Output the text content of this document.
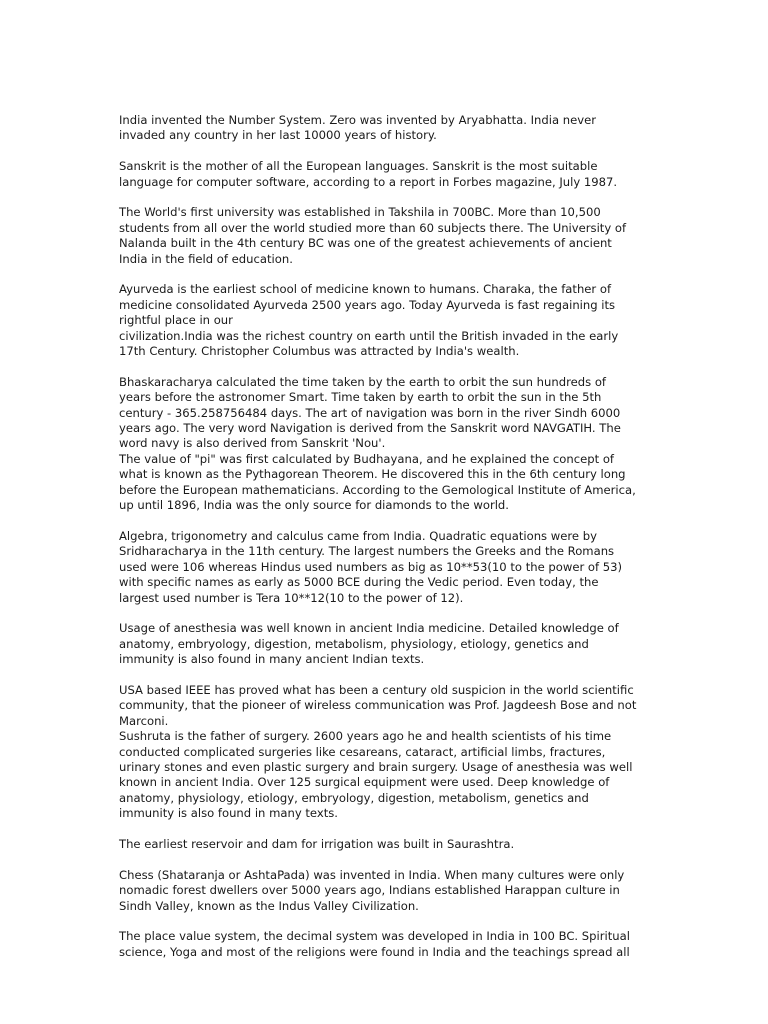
India invented the Number System. Zero was invented by Aryabhatta. India never
invaded any country in her last 10000 years of history.

Sanskrit is the mother of all the European languages. Sanskrit is the most suitable
language for computer software, according to a report in Forbes magazine, July 1987.

The World's first university was established in Takshila in 700BC. More than 10,500
students from all over the world studied more than 60 subjects there. The University of
Nalanda built in the 4th century BC was one of the greatest achievements of ancient
India in the field of education.

Ayurveda is the earliest school of medicine known to humans. Charaka, the father of
medicine consolidated Ayurveda 2500 years ago. Today Ayurveda is fast regaining its
rightful place in our
civilization.India was the richest country on earth until the British invaded in the early
17th Century. Christopher Columbus was attracted by India's wealth.

Bhaskaracharya calculated the time taken by the earth to orbit the sun hundreds of
years before the astronomer Smart. Time taken by earth to orbit the sun in the 5th
century - 365.258756484 days. The art of navigation was born in the river Sindh 6000
years ago. The very word Navigation is derived from the Sanskrit word NAVGATIH. The
word navy is also derived from Sanskrit 'Nou'.
The value of "pi" was first calculated by Budhayana, and he explained the concept of
what is known as the Pythagorean Theorem. He discovered this in the 6th century long
before the European mathematicians. According to the Gemological Institute of America,
up until 1896, India was the only source for diamonds to the world.

Algebra, trigonometry and calculus came from India. Quadratic equations were by
Sridharacharya in the 11th century. The largest numbers the Greeks and the Romans
used were 106 whereas Hindus used numbers as big as 10**53(10 to the power of 53)
with specific names as early as 5000 BCE during the Vedic period. Even today, the
largest used number is Tera 10**12(10 to the power of 12).

Usage of anesthesia was well known in ancient India medicine. Detailed knowledge of
anatomy, embryology, digestion, metabolism, physiology, etiology, genetics and
immunity is also found in many ancient Indian texts.

USA based IEEE has proved what has been a century old suspicion in the world scientific
community, that the pioneer of wireless communication was Prof. Jagdeesh Bose and not
Marconi.
Sushruta is the father of surgery. 2600 years ago he and health scientists of his time
conducted complicated surgeries like cesareans, cataract, artificial limbs, fractures,
urinary stones and even plastic surgery and brain surgery. Usage of anesthesia was well
known in ancient India. Over 125 surgical equipment were used. Deep knowledge of
anatomy, physiology, etiology, embryology, digestion, metabolism, genetics and
immunity is also found in many texts.

The earliest reservoir and dam for irrigation was built in Saurashtra.

Chess (Shataranja or AshtaPada) was invented in India. When many cultures were only
nomadic forest dwellers over 5000 years ago, Indians established Harappan culture in
Sindh Valley, known as the Indus Valley Civilization.

The place value system, the decimal system was developed in India in 100 BC. Spiritual
science, Yoga and most of the religions were found in India and the teachings spread all
